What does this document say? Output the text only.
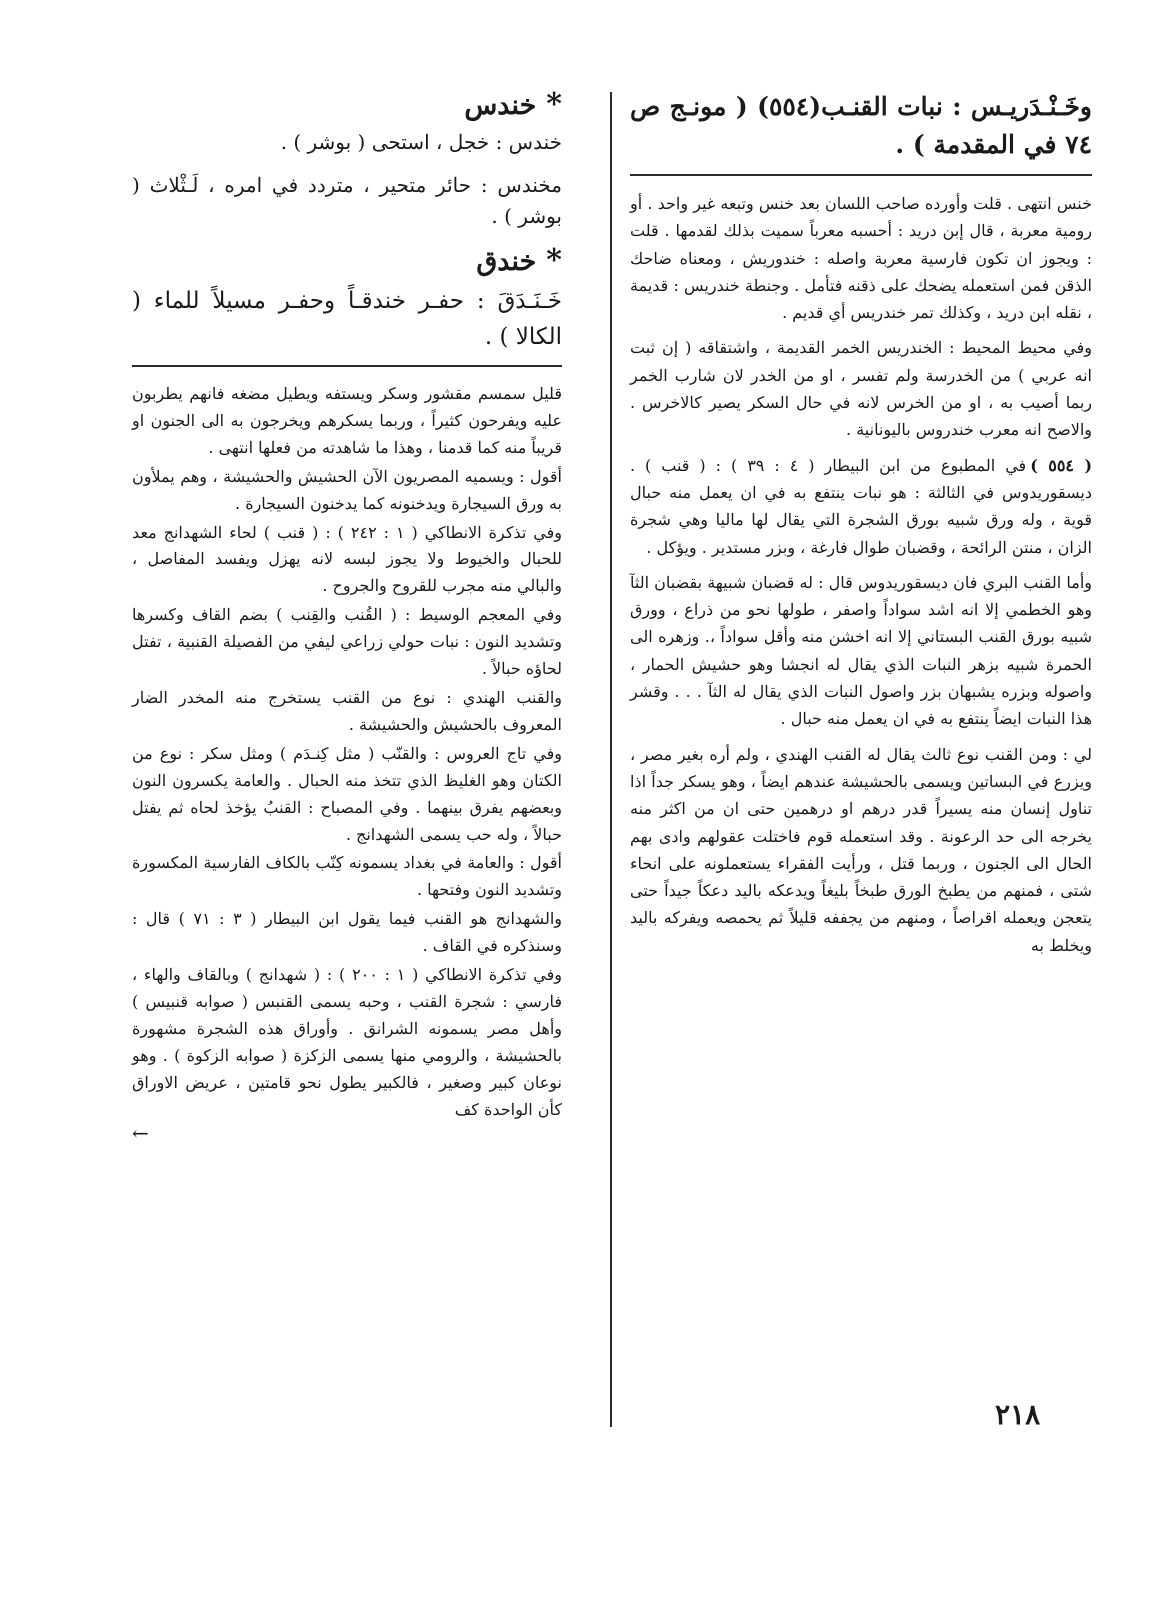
وخَـنْـدَريـس : نبات القنـب(٥٥٤) ( مونـج ص ٧٤ في المقدمة ) .

خنس انتهى . قلت وأورده صاحب اللسان بعد خنس وتبعه غير واحد . أو رومية معربة ، قال إبن دريد : أحسبه معرباً سميت بذلك لقدمها . قلت : ويجوز ان تكون فارسية معربة واصله : خندوريش ، ومعناه ضاحك الذقن فمن استعمله يضحك على ذقنه فتأمل . وجنطة خندريس : قديمة ، نقله ابن دريد ، وكذلك تمر خندريس أي قديم .

وفي محيط المحيط : الخندريس الخمر القديمة ، واشتقاقه ( إن ثبت انه عربي ) من الخدرسة ولم تفسر ، او من الخدر لان شارب الخمر ربما أصيب به ، او من الخرس لانه في حال السكر يصير كالاخرس . والاصح انه معرب خندروس باليونانية .

( ٥٥٤ )في المطبوع من ابن البيطار ( ٤ : ٣٩ ) : ( قنب ) . ديسقوريدوس في الثالثة : هو نبات ينتفع به في ان يعمل منه حبال قوية ، وله ورق شبيه بورق الشجرة التي يقال لها ماليا وهي شجرة الزان ، منتن الرائحة ، وقضبان طوال فارغة ، وبزر مستدير . ويؤكل .

وأما القنب البري فان ديسقوريدوس قال : له قضبان شبيهة بقضبان الثآ وهو الخطمي إلا انه اشد سواداً واصفر ، طولها نحو من ذراع ، وورق شبيه بورق القنب البستاني إلا انه اخشن منه وأقل سواداً ،. وزهره الى الحمرة شبيه بزهر النبات الذي يقال له انجشا وهو حشيش الحمار ، واصوله وبزره يشبهان بزر واصول النبات الذي يقال له الثآ . . . وقشر هذا النبات ايضاً ينتفع به في ان يعمل منه حبال .

لي : ومن القنب نوع ثالث يقال له القنب الهندي ، ولم أره بغير مصر ، ويزرع في البساتين ويسمى بالحشيشة عندهم ايضاً ، وهو يسكر جداً اذا تناول إنسان منه يسيراً قدر درهم او درهمين حتى ان من اكثر منه يخرجه الى حد الرعونة . وقد استعمله قوم فاختلت عقولهم وادى بهم الحال الى الجنون ، وربما قتل ، ورأيت الفقراء يستعملونه على انحاء شتى ، فمنهم من يطبخ الورق طبخاً بليغاً ويدعكه باليد دعكاً جيداً حتى يتعجن ويعمله اقراصاً ، ومنهم من يجففه قليلاً ثم يحمصه ويفركه باليد ويخلط به

*خندس

خندس : خجل ، استحى ( بوشر ) .

مخندس : حائر متحير ، متردد في امره ، لَـثْلاث ( بوشر ) .

*خندق

خَـنَـدَقَ : حفـر خندقـاً وحفـر مسيلاً للماء ( الكالا ) .

قليل سمسم مقشور وسكر ويستفه ويطيل مضغه فانهم يطربون عليه ويفرحون كثيراً ، وربما يسكرهم ويخرجون به الى الجنون او قريباً منه كما قدمنا ، وهذا ما شاهدته من فعلها انتهى .

أقول : ويسميه المصريون الآن الحشيش والحشيشة ، وهم يملأون به ورق السيجارة ويدخنونه كما يدخنون السيجارة .

وفي تذكرة الانطاكي ( ١ : ٢٤٢ ) : ( قنب ) لحاء الشهدانج معد للحبال والخيوط ولا يجوز لبسه لانه يهزل ويفسد المفاصل ، والبالي منه مجرب للقروح والجروح .

وفي المعجم الوسيط : ( القُنب والقِنب ) بضم القاف وكسرها وتشديد النون : نبات حولي زراعي ليفي من الفصيلة القنبية ، تفتل لحاؤه حبالاً .

والقنب الهندي : نوع من القنب يستخرج منه المخدر الضار المعروف بالحشيش والحشيشة .

وفي تاج العروس : والقنّب ( مثل كِنـدَم ) ومثل سكر : نوع من الكتان وهو الغليظ الذي تتخذ منه الحبال . والعامة يكسرون النون وبعضهم يفرق بينهما . وفي المصباح : القنبُ يؤخذ لحاه ثم يفتل حبالاً ، وله حب يسمى الشهدانج .

أقول : والعامة في بغداد يسمونه كِنّب بالكاف الفارسية المكسورة وتشديد النون وفتحها .

والشهدانج هو القنب فيما يقول ابن البيطار ( ٣ : ٧١ ) قال : وسنذكره في القاف .

وفي تذكرة الانطاكي ( ١ : ٢٠٠ ) : ( شهدانج ) وبالقاف والهاء ، فارسي : شجرة القنب ، وحبه يسمى القنبس ( صوابه قنبيس ) وأهل مصر يسمونه الشرانق . وأوراق هذه الشجرة مشهورة بالحشيشة ، والرومي منها يسمى الزكزة ( صوابه الزكوة ) . وهو نوعان كبير وصغير ، فالكبير يطول نحو قامتين ، عريض الاوراق كأن الواحدة كف

←
٢١٨
